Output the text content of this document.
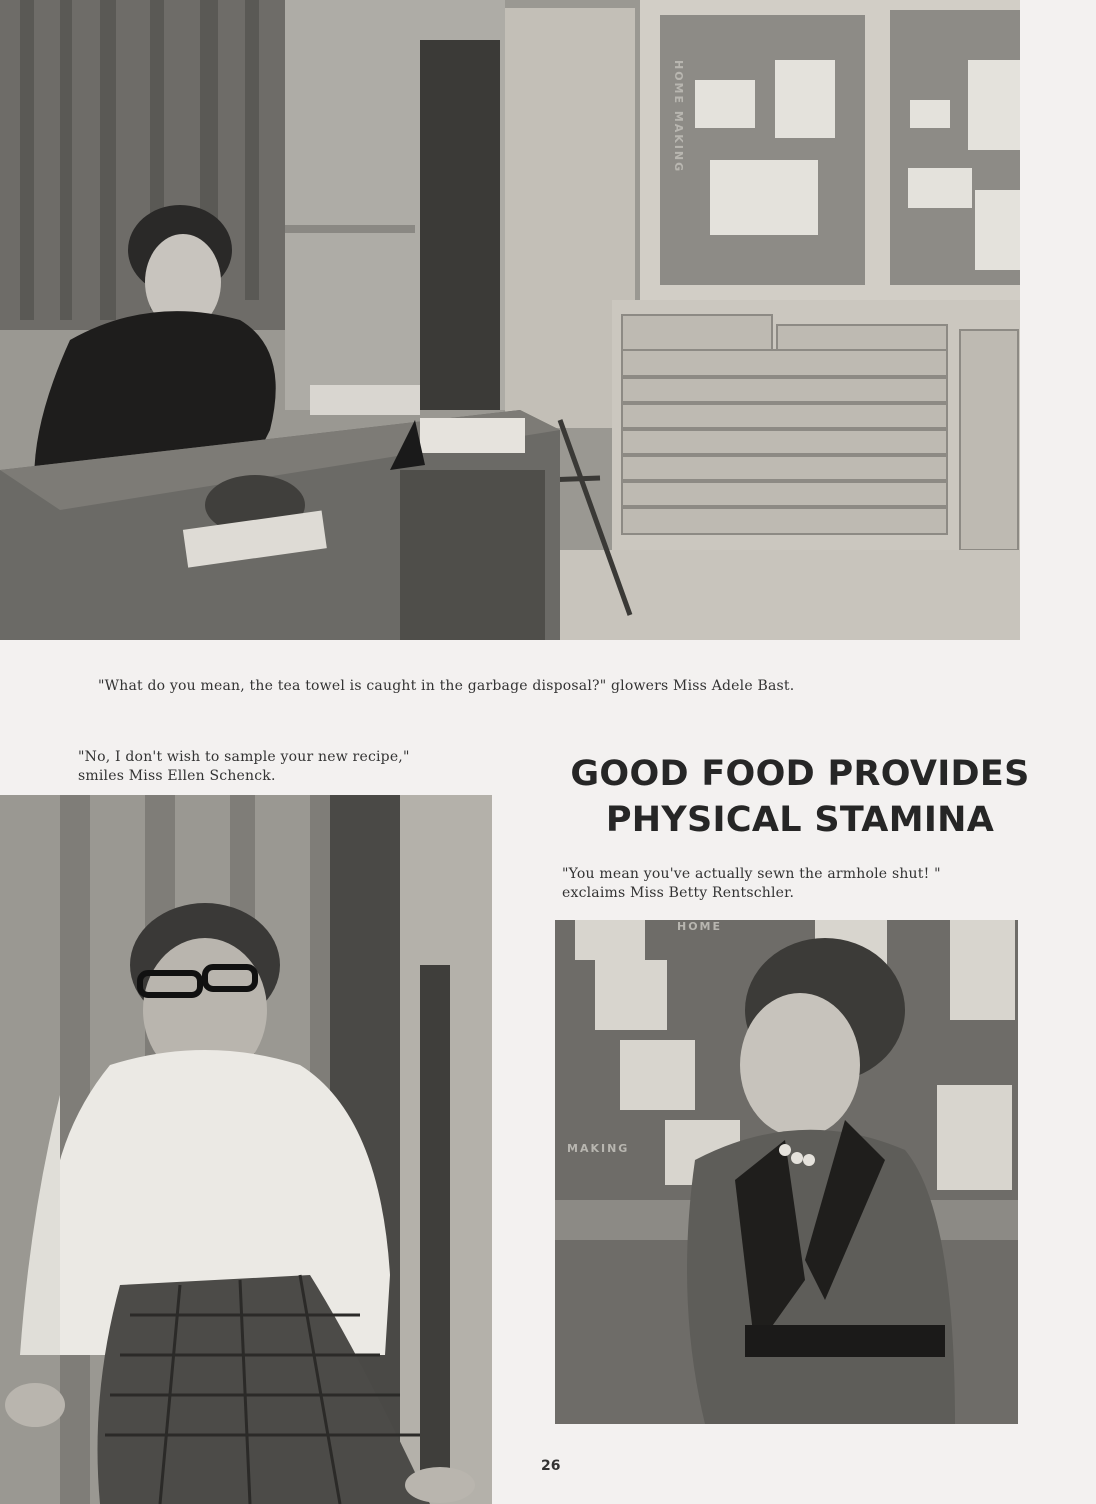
HOME MAKING

"What do you mean, the tea towel is caught in the garbage disposal?" glowers Miss Adele Bast.

"No, I don't wish to sample your new recipe,"
smiles Miss Ellen Schenck.	GOOD FOOD PROVIDES
PHYSICAL STAMINA

"You mean you've actually sewn the armhole shut! "
exclaims Miss Betty Rentschler.

MAKING
HOME
26
